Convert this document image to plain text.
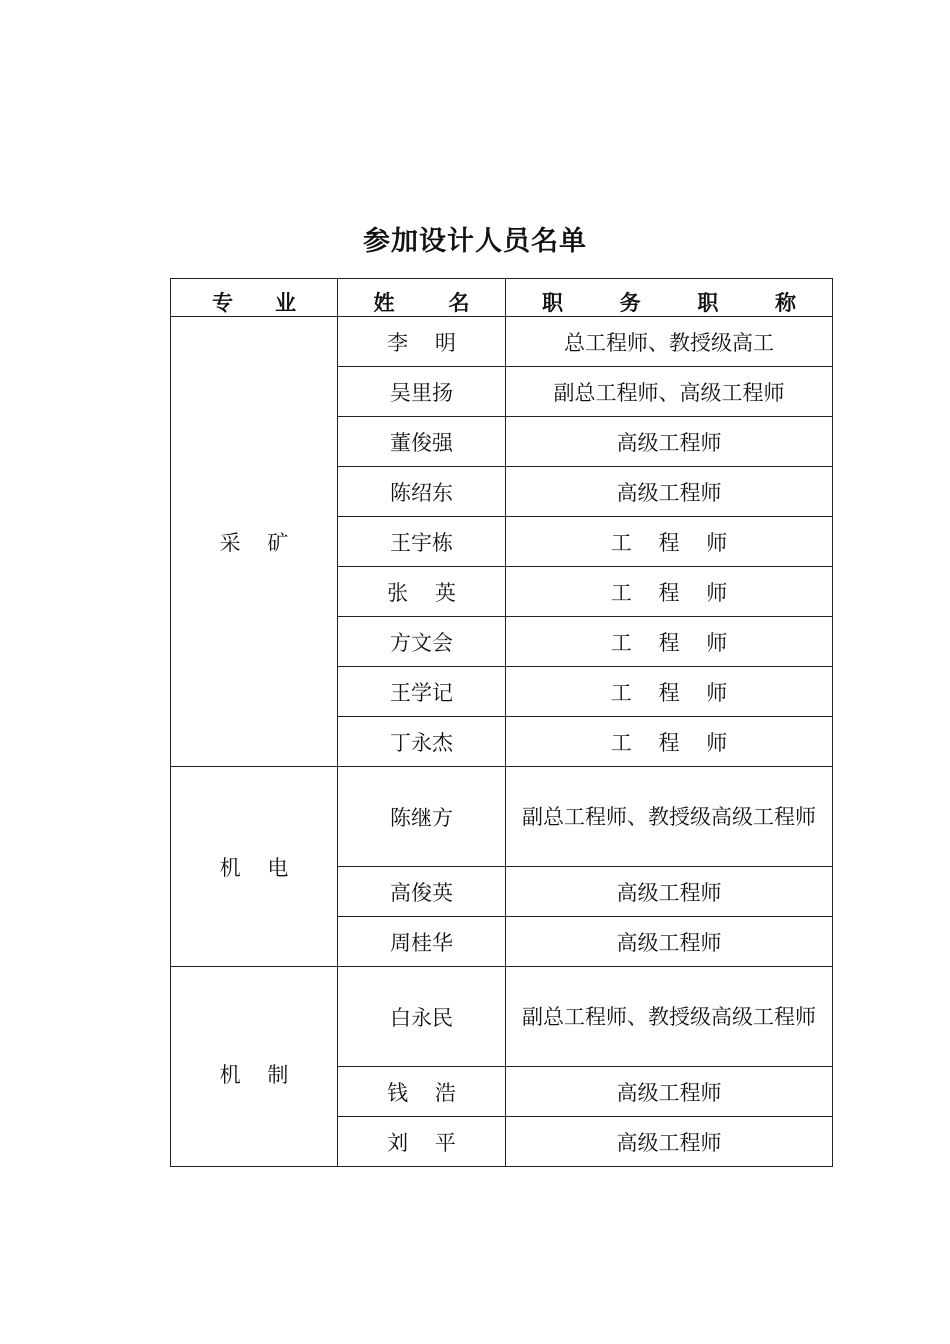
参加设计人员名单
专 业	姓 名	职 务 职 称

采    矿	李    明	总工程师、教授级高工
	吴里扬	副总工程师、高级工程师
	董俊强	高级工程师
	陈绍东	高级工程师
	王宇栋	工    程    师
	张    英	工    程    师
	方文会	工    程    师
	王学记	工    程    师
	丁永杰	工    程    师
机    电	陈继方	副总工程师、教授级高级工程师

	高俊英	高级工程师
	周桂华	高级工程师
机    制	白永民	副总工程师、教授级高级工程师

	钱    浩	高级工程师
	刘    平	高级工程师
